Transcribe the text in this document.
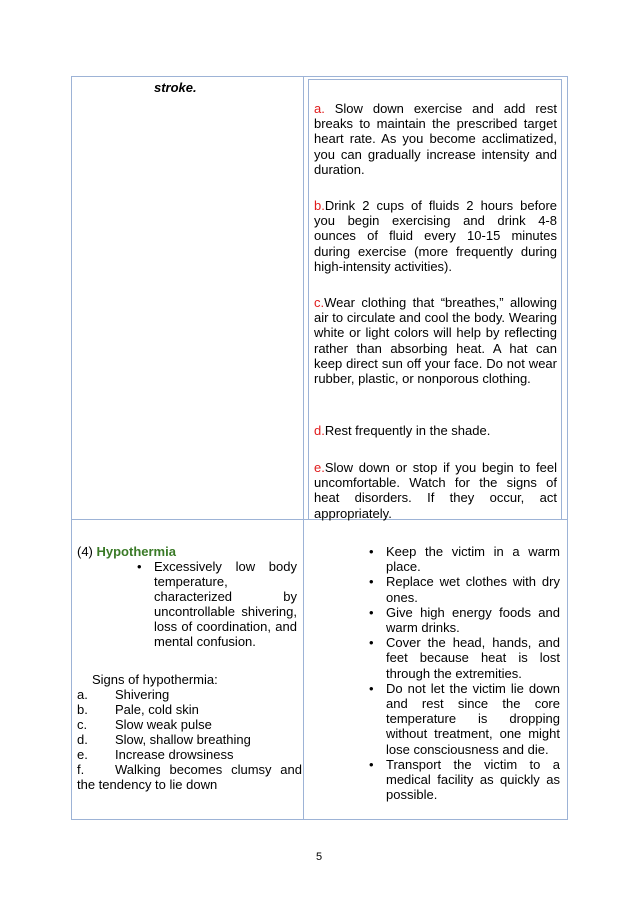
stroke.

a. Slow down exercise and add rest breaks to maintain the prescribed target heart rate. As you become acclimatized, you can gradually increase intensity and duration.

b.Drink 2 cups of fluids 2 hours before you begin exercising and drink 4-8 ounces of fluid every 10-15 minutes during exercise (more frequently during high-intensity activities).

c.Wear clothing that “breathes,” allowing air to circulate and cool the body. Wearing white or light colors will help by reflecting rather than absorbing heat. A hat can keep direct sun off your face. Do not wear rubber, plastic, or nonporous clothing.

d.Rest frequently in the shade.

e.Slow down or stop if you begin to feel uncomfortable. Watch for the signs of heat disorders. If they occur, act appropriately.

(4) Hypothermia
• Excessively low body temperature, characterized by uncontrollable shivering, loss of coordination, and mental confusion.
Signs of hypothermia:
a. Shivering
b. Pale, cold skin
c. Slow weak pulse
d. Slow, shallow breathing
e. Increase drowsiness
f. Walking becomes clumsy and
the tendency to lie down
• Keep the victim in a warm place.
• Replace wet clothes with dry ones.
• Give high energy foods and warm drinks.
• Cover the head, hands, and feet because heat is lost through the extremities.
• Do not let the victim lie down and rest since the core temperature is dropping without treatment, one might lose consciousness and die.
• Transport the victim to a medical facility as quickly as possible.
5
